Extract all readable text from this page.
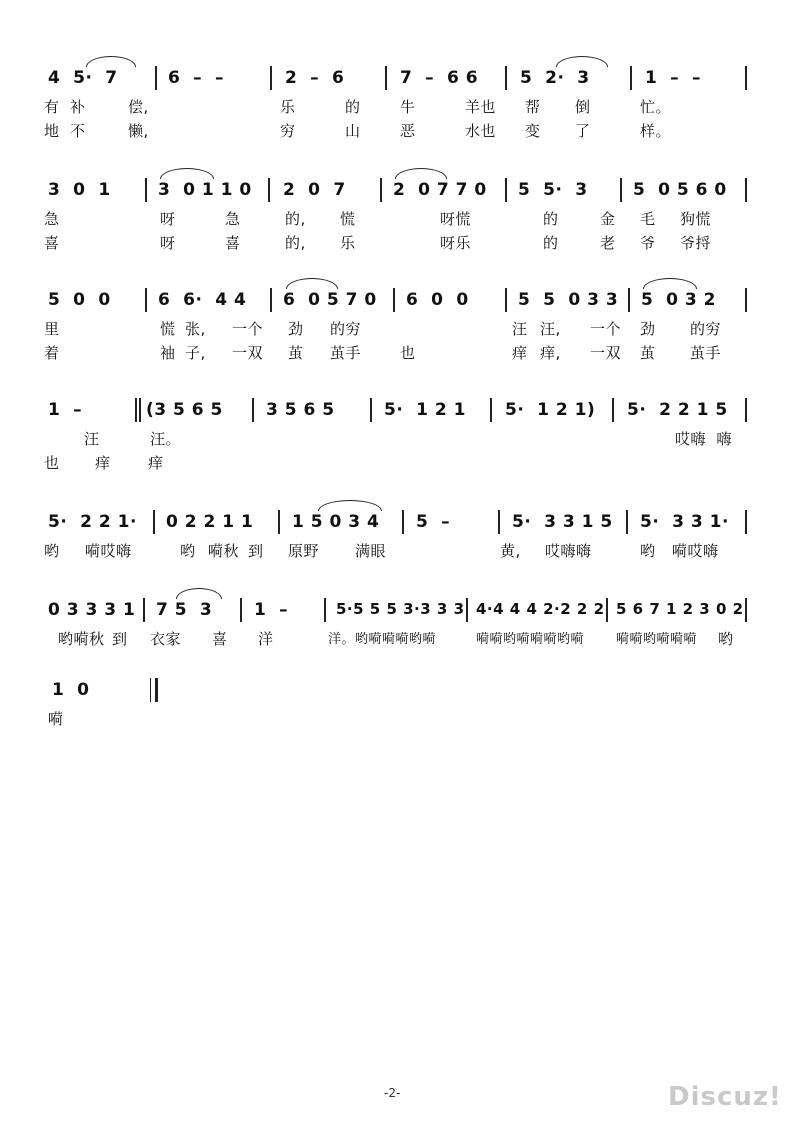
4  5·  7	6  –  –	2  –  6	7  –  6 6 5  2·  3	1  –  –
有  补	偿,	乐	的	牛	羊也 帮 倒	忙。
地  不	懒,	穷	山	恶	水也 变 了	样。
3  0  1	3  0 1 1 0 2  0  7	2  0 7 7 0 5  5·  3	5  0 5 6 0
急	呀	急	的, 慌	呀慌	的	金 毛 狗慌
喜	呀	喜	的, 乐	呀乐	的	老 爷 爷捋
5  0  0	6  6·  4 4 6  0 5 7 0 6  0  0	5  5  0 3 3 5  0 3 2
里	慌 张, 一个 劲 的穷	汪 汪, 一个 劲 的穷
着	袖 子, 一双 茧 茧手	也	痒 痒, 一双 茧 茧手
1  –	(3 5 6 5	3 5 6 5	5·  1 2 1 5·  1 2 1) 5·  2 2 1 5
汪	汪。	哎嗨  嗨
也 痒 痒
5·  2 2 1· 0 2 2 1 1 1 5 0 3 4 5  –	5·  3 3 1 5 5·  3 3 1·
哟 嗬哎嗨	哟 嗬秋 到 原野 满眼	黄, 哎嗨嗨	哟 嗬哎嗨
0 3 3 3 1 7 5  3 1  –	5·5 5 5 3·3 3 3 4·4 4 4 2·2 2 2 5 6 7 1 2 3 0 2
哟嗬秋 到 衣家 喜 洋	洋。哟嗬嗬嗬哟嗬	嗬嗬哟嗬嗬嗬哟嗬 嗬嗬哟嗬嗬嗬 哟
1  0
嗬
-2-	Discuz!
